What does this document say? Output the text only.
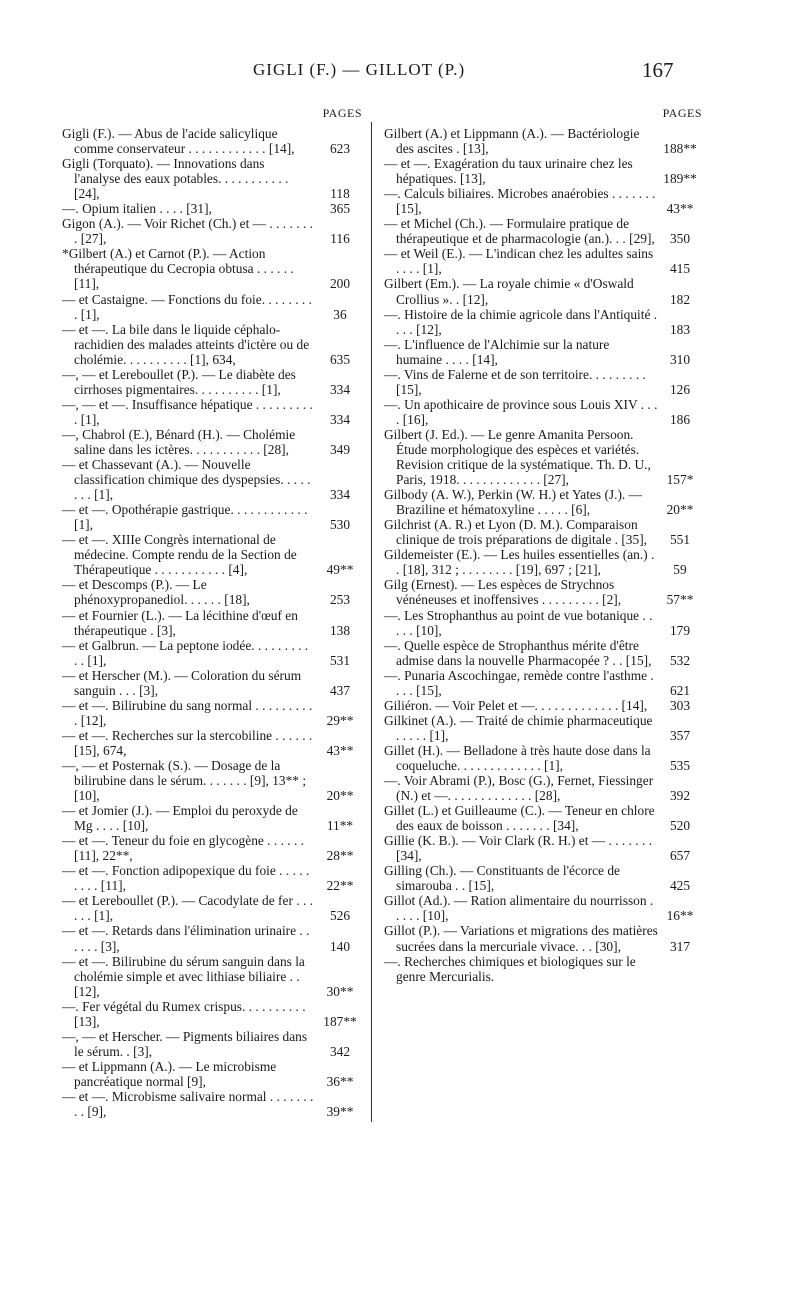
GIGLI (F.) — GILLOT (P.)	167
PAGES
Gigli (F.). — Abus de l'acide salicylique comme conservateur . . . . . . . . . . . . [14],	623
Gigli (Torquato). — Innovations dans l'analyse des eaux potables. . . . . . . . . . . [24],	118
—. Opium italien . . . . [31],	365
Gigon (A.). — Voir Richet (Ch.) et — . . . . . . . . [27],	116
*Gilbert (A.) et Carnot (P.). — Action thérapeutique du Cecropia obtusa . . . . . . [11],	200
— et Castaigne. — Fonctions du foie. . . . . . . . . [1],	36
— et —. La bile dans le liquide céphalo-rachidien des malades atteints d'ictère ou de cholémie. . . . . . . . . . [1], 634,	635
—, — et Lereboullet (P.). — Le diabète des cirrhoses pigmentaires. . . . . . . . . . [1],	334
—, — et —. Insuffisance hépatique . . . . . . . . . . [1],	334
—, Chabrol (E.), Bénard (H.). — Cholémie saline dans les ictères. . . . . . . . . . . [28],	349
— et Chassevant (A.). — Nouvelle classification chimique des dyspepsies. . . . . . . . [1],	334
— et —. Opothérapie gastrique. . . . . . . . . . . . [1],	530
— et —. XIIIe Congrès international de médecine. Compte rendu de la Section de Thérapeutique . . . . . . . . . . . [4],	49**
— et Descomps (P.). — Le phénoxypropanediol. . . . . . [18],	253
— et Fournier (L.). — La lécithine d'œuf en thérapeutique . [3],	138
— et Galbrun. — La peptone iodée. . . . . . . . . . . [1],	531
— et Herscher (M.). — Coloration du sérum sanguin . . . [3],	437
— et —. Bilirubine du sang normal . . . . . . . . . . [12],	29**
— et —. Recherches sur la stercobiline . . . . . . [15], 674,	43**
—, — et Posternak (S.). — Dosage de la bilirubine dans le sérum. . . . . . . [9], 13** ; [10],	20**
— et Jomier (J.). — Emploi du peroxyde de Mg . . . . [10],	11**
— et —. Teneur du foie en glycogène . . . . . . [11], 22**,	28**
— et —. Fonction adipopexique du foie . . . . . . . . . [11],	22**
— et Lereboullet (P.). — Cacodylate de fer . . . . . . [1],	526
— et —. Retards dans l'élimination urinaire . . . . . . [3],	140
— et —. Bilirubine du sérum sanguin dans la cholémie simple et avec lithiase biliaire . . [12],	30**
—. Fer végétal du Rumex crispus. . . . . . . . . . [13],	187**
—, — et Herscher. — Pigments biliaires dans le sérum. . [3],	342
— et Lippmann (A.). — Le microbisme pancréatique normal [9],	36**
— et —. Microbisme salivaire normal . . . . . . . . . [9],	39**
PAGES
Gilbert (A.) et Lippmann (A.). — Bactériologie des ascites . [13],	188**
— et —. Exagération du taux urinaire chez les hépatiques. [13],	189**
—. Calculs biliaires. Microbes anaérobies . . . . . . . [15],	43**
— et Michel (Ch.). — Formulaire pratique de thérapeutique et de pharmacologie (an.). . . [29],	350
— et Weil (E.). — L'indican chez les adultes sains . . . . [1],	415
Gilbert (Em.). — La royale chimie « d'Oswald Crollius ». . [12],	182
—. Histoire de la chimie agricole dans l'Antiquité . . . . [12],	183
—. L'influence de l'Alchimie sur la nature humaine . . . . [14],	310
—. Vins de Falerne et de son territoire. . . . . . . . . [15],	126
—. Un apothicaire de province sous Louis XIV . . . . [16],	186
Gilbert (J. Ed.). — Le genre Amanita Persoon. Étude morphologique des espèces et variétés. Revision critique de la systématique. Th. D. U., Paris, 1918. . . . . . . . . . . . . [27],	157*
Gilbody (A. W.), Perkin (W. H.) et Yates (J.). — Braziline et hématoxyline . . . . . [6],	20**
Gilchrist (A. R.) et Lyon (D. M.). Comparaison clinique de trois préparations de digitale . [35],	551
Gildemeister (E.). — Les huiles essentielles (an.) . . [18], 312 ; . . . . . . . . [19], 697 ; [21],	59
Gilg (Ernest). — Les espèces de Strychnos vénéneuses et inoffensives . . . . . . . . . [2],	57**
—. Les Strophanthus au point de vue botanique . . . . . [10],	179
—. Quelle espèce de Strophanthus mérite d'être admise dans la nouvelle Pharmacopée ? . . [15],	532
—. Punaria Ascochingae, remède contre l'asthme . . . . [15],	621
Giliéron. — Voir Pelet et —. . . . . . . . . . . . . [14],	303
Gilkinet (A.). — Traité de chimie pharmaceutique . . . . . [1],	357
Gillet (H.). — Belladone à très haute dose dans la coqueluche. . . . . . . . . . . . . [1],	535
—. Voir Abrami (P.), Bosc (G.), Fernet, Fiessinger (N.) et —. . . . . . . . . . . . . [28],	392
Gillet (L.) et Guilleaume (C.). — Teneur en chlore des eaux de boisson . . . . . . . [34],	520
Gillie (K. B.). — Voir Clark (R. H.) et — . . . . . . . [34],	657
Gilling (Ch.). — Constituants de l'écorce de simarouba . . [15],	425
Gillot (Ad.). — Ration alimentaire du nourrisson . . . . . [10],	16**
Gillot (P.). — Variations et migrations des matières sucrées dans la mercuriale vivace. . . [30],	317
—. Recherches chimiques et biologiques sur le genre Mercurialis.
